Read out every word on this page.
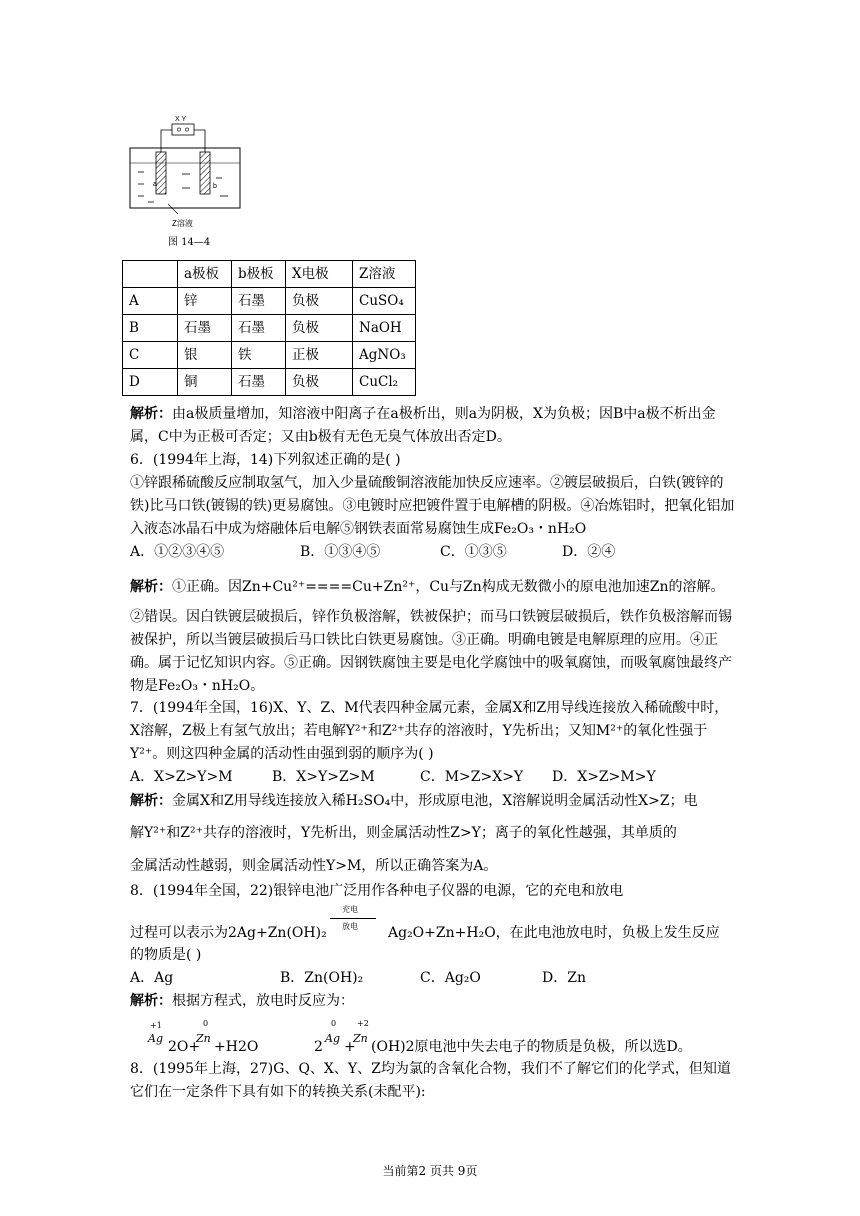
X Y
a	b
Z溶液
图 14—4
	a极板	b极板	X电极	Z溶液
A	锌	石墨	负极	CuSO₄
B	石墨	石墨	负极	NaOH
C	银	铁	正极	AgNO₃
D	铜	石墨	负极	CuCl₂
解析：由a极质量增加，知溶液中阳离子在a极析出，则a为阴极，X为负极；因B中a极不析出金属，C中为正极可否定；又由b极有无色无臭气体放出否定D。
6．(1994年上海，14)下列叙述正确的是( )
①锌跟稀硫酸反应制取氢气，加入少量硫酸铜溶液能加快反应速率。②镀层破损后，白铁(镀锌的铁)比马口铁(镀锡的铁)更易腐蚀。③电镀时应把镀件置于电解槽的阴极。④冶炼铝时，把氧化铝加入液态冰晶石中成为熔融体后电解⑤钢铁表面常易腐蚀生成Fe₂O₃・nH₂O
A．①②③④⑤	B．①③④⑤	C．①③⑤	D．②④
解析：①正确。因Zn+Cu²⁺====Cu+Zn²⁺，Cu与Zn构成无数微小的原电池加速Zn的溶解。
②错误。因白铁镀层破损后，锌作负极溶解，铁被保护；而马口铁镀层破损后，铁作负极溶解而锡被保护，所以当镀层破损后马口铁比白铁更易腐蚀。③正确。明确电镀是电解原理的应用。④正确。属于记忆知识内容。⑤正确。因钢铁腐蚀主要是电化学腐蚀中的吸氧腐蚀，而吸氧腐蚀最终产物是Fe₂O₃・nH₂O。
7．(1994年全国，16)X、Y、Z、M代表四种金属元素，金属X和Z用导线连接放入稀硫酸中时，X溶解，Z极上有氢气放出；若电解Y²⁺和Z²⁺共存的溶液时，Y先析出；又知M²⁺的氧化性强于Y²⁺。则这四种金属的活动性由强到弱的顺序为( )
A．X>Z>Y>M	B．X>Y>Z>M	C．M>Z>X>Y D．X>Z>M>Y
解析：金属X和Z用导线连接放入稀H₂SO₄中，形成原电池，X溶解说明金属活动性X>Z；电
解Y²⁺和Z²⁺共存的溶液时，Y先析出，则金属活动性Z>Y；离子的氧化性越强，其单质的
金属活动性越弱，则金属活动性Y>M，所以正确答案为A。
8．(1994年全国，22)银锌电池广泛用作各种电子仪器的电源，它的充电和放电
充电
放电
过程可以表示为2Ag+Zn(OH)₂	Ag₂O+Zn+H₂O，在此电池放电时，负极上发生反应
的物质是( )
A．Ag	B．Zn(OH)₂	C．Ag₂O	D．Zn
解析：根据方程式，放电时反应为：
+1	0	0	+2
Ag
2O+
Zn
+H2O	2
Ag
+
Zn
(OH)2原电池中失去电子的物质是负极，所以选D。
8．(1995年上海，27)G、Q、X、Y、Z均为氯的含氧化合物，我们不了解它们的化学式，但知道它们在一定条件下具有如下的转换关系(未配平):
当前第2 页共 9页
